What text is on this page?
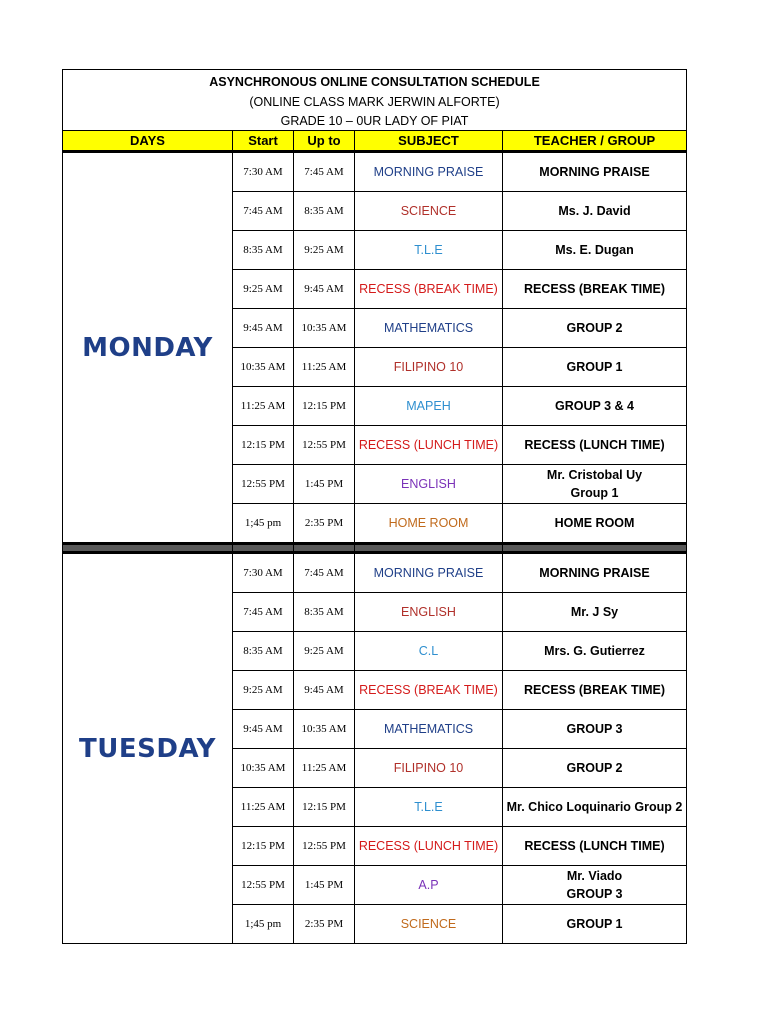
ASYNCHRONOUS ONLINE CONSULTATION SCHEDULE				
(ONLINE CLASS MARK JERWIN ALFORTE)				
GRADE 10 – 0UR LADY OF PIAT				
DAYS	Start	Up to	SUBJECT	TEACHER / GROUP
MONDAY	7:30 AM	7:45 AM	MORNING PRAISE	MORNING PRAISE

	7:45 AM	8:35 AM	SCIENCE	Ms. J. David

	8:35 AM	9:25 AM	T.L.E	Ms. E. Dugan

	9:25 AM	9:45 AM	RECESS (BREAK TIME)	RECESS (BREAK TIME)

	9:45 AM	10:35 AM	MATHEMATICS	GROUP 2

	10:35 AM	11:25 AM	FILIPINO 10	GROUP 1

	11:25 AM	12:15 PM	MAPEH	GROUP 3 & 4

	12:15 PM	12:55 PM	RECESS (LUNCH TIME)	RECESS (LUNCH TIME)

	12:55 PM	1:45 PM	ENGLISH	Mr. Cristobal Uy
Group 1

	1;45 pm	2:35 PM	HOME ROOM	HOME ROOM

TUESDAY	7:30 AM	7:45 AM	MORNING PRAISE	MORNING PRAISE

	7:45 AM	8:35 AM	ENGLISH	Mr. J Sy

	8:35 AM	9:25 AM	C.L	Mrs. G. Gutierrez

	9:25 AM	9:45 AM	RECESS (BREAK TIME)	RECESS (BREAK TIME)

	9:45 AM	10:35 AM	MATHEMATICS	GROUP 3

	10:35 AM	11:25 AM	FILIPINO 10	GROUP 2

	11:25 AM	12:15 PM	T.L.E	Mr. Chico Loquinario Group 2

	12:15 PM	12:55 PM	RECESS (LUNCH TIME)	RECESS (LUNCH TIME)

	12:55 PM	1:45 PM	A.P	Mr. Viado
GROUP 3

	1;45 pm	2:35 PM	SCIENCE	GROUP 1
